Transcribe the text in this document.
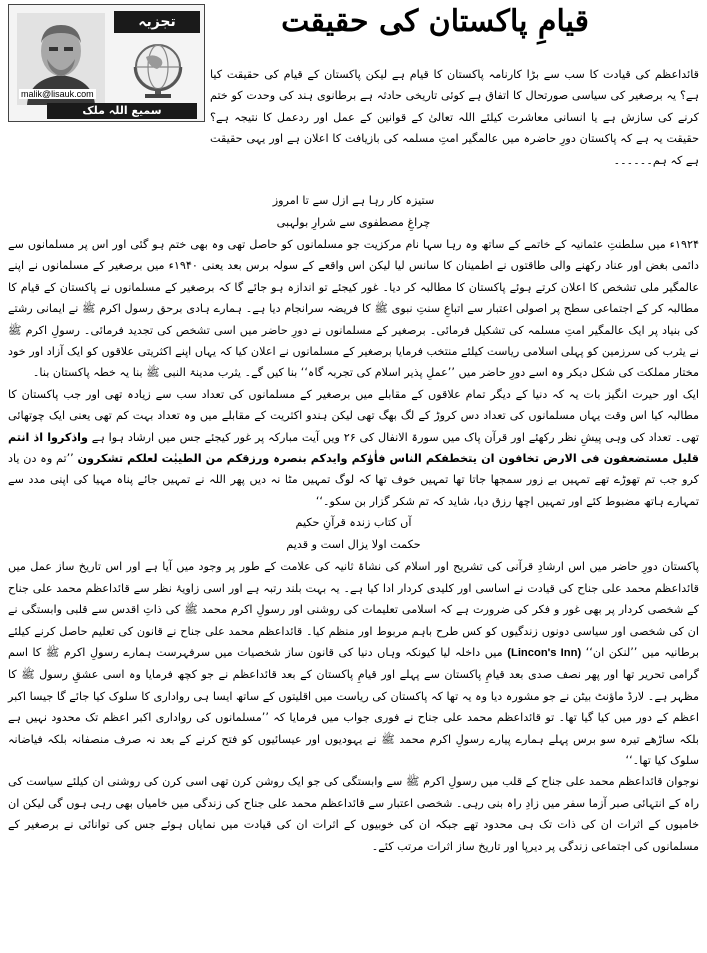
تجزیہ
malik@lisauk.com
سمیع اللہ ملک
قیامِ پاکستان کی حقیقت

قائداعظم کی قیادت کا سب سے بڑا کارنامہ پاکستان کا قیام ہے لیکن پاکستان کے قیام کی حقیقت کیا ہے؟ یہ برصغیر کی سیاسی صورتحال کا اتفاق ہے کوئی تاریخی حادثہ ہے برطانوی ہند کی وحدت کو ختم کرنے کی سازش ہے یا انسانی معاشرت کیلئے اللہ تعالیٰ کے قوانین کے عمل اور ردعمل کا نتیجہ ہے؟ حقیقت یہ ہے کہ پاکستان دورِ حاضرہ میں عالمگیر امتِ مسلمہ کی بازیافت کا اعلان ہے اور یہی حقیقت ہے کہ ہم۔۔۔۔۔۔

ستیزہ کار رہا ہے ازل سے تا امروز
چراغِ مصطفوی سے شرارِ بولہبی

۱۹۲۴ء میں سلطنتِ عثمانیہ کے خاتمے کے ساتھ وہ رہا سہا نام مرکزیت جو مسلمانوں کو حاصل تھی وہ بھی ختم ہو گئی اور اس پر مسلمانوں سے دائمی بغض اور عناد رکھنے والی طاقتوں نے اطمینان کا سانس لیا لیکن اس واقعے کے سولہ برس بعد یعنی ۱۹۴۰ء میں برصغیر کے مسلمانوں نے اپنے عالمگیر ملی تشخص کا اعلان کرتے ہوئے پاکستان کا مطالبہ کر دیا۔ غور کیجئے تو اندازہ ہو جائے گا کہ برصغیر کے مسلمانوں نے پاکستان کے قیام کا مطالبہ کر کے اجتماعی سطح پر اصولی اعتبار سے اتباعِ سنتِ نبوی ﷺ کا فریضہ سرانجام دیا ہے۔ ہمارے ہادی برحق رسول اکرم ﷺ نے ایمانی رشتے کی بنیاد پر ایک عالمگیر امتِ مسلمہ کی تشکیل فرمائی۔ برصغیر کے مسلمانوں نے دورِ حاضر میں اسی تشخص کی تجدید فرمائی۔ رسولِ اکرم ﷺ نے یثرب کی سرزمین کو پہلی اسلامی ریاست کیلئے منتخب فرمایا برصغیر کے مسلمانوں نے اعلان کیا کہ یہاں اپنے اکثریتی علاقوں کو ایک آزاد اور خود مختار مملکت کی شکل دیکر وہ اسے دورِ حاضر میں ’’عملِ پذیر اسلام کی تجربہ گاہ‘‘ بنا کیں گے۔ یثرب مدینۃ النبی ﷺ بنا یہ خطہ پاکستان بنا۔

ایک اور حیرت انگیز بات یہ کہ دنیا کے دیگر تمام علاقوں کے مقابلے میں برصغیر کے مسلمانوں کی تعداد سب سے زیادہ تھی اور جب پاکستان کا مطالبہ کیا اس وقت یہاں مسلمانوں کی تعداد دس کروڑ کے لگ بھگ تھی لیکن ہندو اکثریت کے مقابلے میں وہ تعداد بہت کم تھی یعنی ایک چوتھائی تھی۔ تعداد کی وہی پیشِ نظر رکھئے اور قرآن پاک میں سورۃ الانفال کی ۲۶ ویں آیت مبارکہ پر غور کیجئے جس میں ارشاد ہوا ہے واذکروا اذ انتم قلیل مستضعفون فی الارض تخافون ان یتخطفکم الناس فاٰوٰکم وایدکم بنصرہ ورزقکم من الطیبٰت لعلکم تشکرون ’’تم وہ دن یاد کرو جب تم تھوڑے تھے تمہیں بے زور سمجھا جاتا تھا تمہیں خوف تھا کہ لوگ تمہیں مٹا نہ دیں پھر اللہ نے تمہیں جائے پناہ مہیا کی اپنی مدد سے تمہارے ہاتھ مضبوط کئے اور تمہیں اچھا رزق دیا، شاید کہ تم شکر گزار بن سکو۔‘‘

آں کتاب زندہ قرآنِ حکیم
حکمت اولا یزال است و قدیم

پاکستان دورِ حاضر میں اس ارشادِ قرآنی کی تشریح اور اسلام کی نشاۃ ثانیہ کی علامت کے طور پر وجود میں آیا ہے اور اس تاریخ ساز عمل میں قائداعظم محمد علی جناح کی قیادت نے اساسی اور کلیدی کردار ادا کیا ہے۔ یہ بہت بلند رتبہ ہے اور اسی زاویۂ نظر سے قائداعظم محمد علی جناح کے شخصی کردار پر بھی غور و فکر کی ضرورت ہے کہ اسلامی تعلیمات کی روشنی اور رسولِ اکرم محمد ﷺ کی ذاتِ اقدس سے قلبی وابستگی نے ان کی شخصی اور سیاسی دونوں زندگیوں کو کس طرح باہم مربوط اور منظم کیا۔ قائداعظم محمد علی جناح نے قانون کی تعلیم حاصل کرنے کیلئے برطانیہ میں ’’لنکن ان‘‘ (Lincon's Inn) میں داخلہ لیا کیونکہ وہاں دنیا کی قانون ساز شخصیات میں سرفہرست ہمارے رسولِ اکرم ﷺ کا اسم گرامی تحریر تھا اور پھر نصف صدی بعد قیامِ پاکستان سے پہلے اور قیامِ پاکستان کے بعد قائداعظم نے جو کچھ فرمایا وہ اسی عشقِ رسول ﷺ کا مظہر ہے۔ لارڈ ماؤنٹ بیٹن نے جو مشورہ دیا وہ یہ تھا کہ پاکستان کی ریاست میں اقلیتوں کے ساتھ ایسا ہی رواداری کا سلوک کیا جائے گا جیسا اکبر اعظم کے دور میں کیا گیا تھا۔ تو قائداعظم محمد علی جناح نے فوری جواب میں فرمایا کہ ’’مسلمانوں کی رواداری اکبر اعظم تک محدود نہیں ہے بلکہ ساڑھے تیرہ سو برس پہلے ہمارے پیارے رسولِ اکرم محمد ﷺ نے یہودیوں اور عیسائیوں کو فتح کرنے کے بعد نہ صرف منصفانہ بلکہ فیاضانہ سلوک کیا تھا۔‘‘

نوجوان قائداعظم محمد علی جناح کے قلب میں رسولِ اکرم ﷺ سے وابستگی کی جو ایک روشن کرن تھی اسی کرن کی روشنی ان کیلئے سیاست کی راہ کے انتہائی صبر آزما سفر میں زادِ راہ بنی رہی۔ شخصی اعتبار سے قائداعظم محمد علی جناح کی زندگی میں خامیاں بھی رہی ہوں گی لیکن ان خامیوں کے اثرات ان کی ذات تک ہی محدود تھے جبکہ ان کی خوبیوں کے اثرات ان کی قیادت میں نمایاں ہوئے جس کی توانائی نے برصغیر کے مسلمانوں کی اجتماعی زندگی پر دیرپا اور تاریخ ساز اثرات مرتب کئے۔
